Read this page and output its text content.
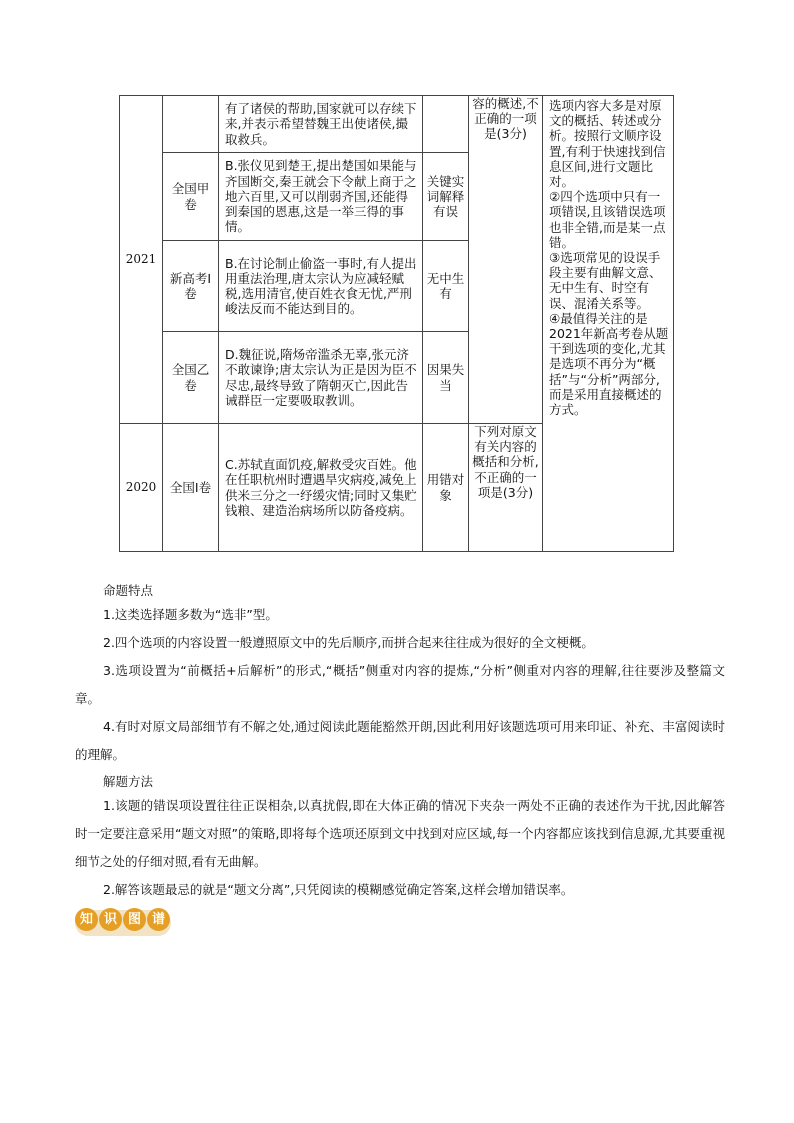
2021		有了诸侯的帮助,国家就可以存续下来,并表示希望替魏王出使诸侯,撮取救兵。		容的概述,不正确的一项是(3分)	选项内容大多是对原文的概括、转述或分析。按照行文顺序设置,有利于快速找到信息区间,进行文题比对。
②四个选项中只有一项错误,且该错误选项也非全错,而是某一点错。
③选项常见的设误手段主要有曲解文意、无中生有、时空有误、混淆关系等。
④最值得关注的是2021年新高考卷从题干到选项的变化,尤其是选项不再分为“概括”与“分析”两部分,而是采用直接概述的方式。

	全国甲卷	B.张仪见到楚王,提出楚国如果能与齐国断交,秦王就会下令献上商于之地六百里,又可以削弱齐国,还能得到秦国的恩惠,这是一举三得的事情。	关键实词解释有误		
	新高考Ⅰ卷	B.在讨论制止偷盗一事时,有人提出用重法治理,唐太宗认为应减轻赋税,选用清官,使百姓衣食无忧,严刑峻法反而不能达到目的。	无中生有		
	全国乙卷	D.魏征说,隋炀帝滥杀无辜,张元济不敢谏诤;唐太宗认为正是因为臣不尽忠,最终导致了隋朝灭亡,因此告诫群臣一定要吸取教训。	因果失当		
2020	全国Ⅰ卷	C.苏轼直面饥疫,解救受灾百姓。他在任职杭州时遭遇旱灾病疫,减免上供米三分之一纾缓灾情;同时又集贮钱粮、建造治病场所以防备疫病。	用错对象	下列对原文有关内容的概括和分析,不正确的一项是(3分)	
命题特点
1.这类选择题多数为“选非”型。
2.四个选项的内容设置一般遵照原文中的先后顺序,而拼合起来往往成为很好的全文梗概。
3.选项设置为“前概括+后解析”的形式,“概括”侧重对内容的提炼,“分析”侧重对内容的理解,往往要涉及整篇文章。
4.有时对原文局部细节有不解之处,通过阅读此题能豁然开朗,因此利用好该题选项可用来印证、补充、丰富阅读时的理解。
解题方法
1.该题的错误项设置往往正误相杂,以真扰假,即在大体正确的情况下夹杂一两处不正确的表述作为干扰,因此解答时一定要注意采用“题文对照”的策略,即将每个选项还原到文中找到对应区域,每一个内容都应该找到信息源,尤其要重视细节之处的仔细对照,看有无曲解。
2.解答该题最忌的就是“题文分离”,只凭阅读的模糊感觉确定答案,这样会增加错误率。
知 识 图 谱
